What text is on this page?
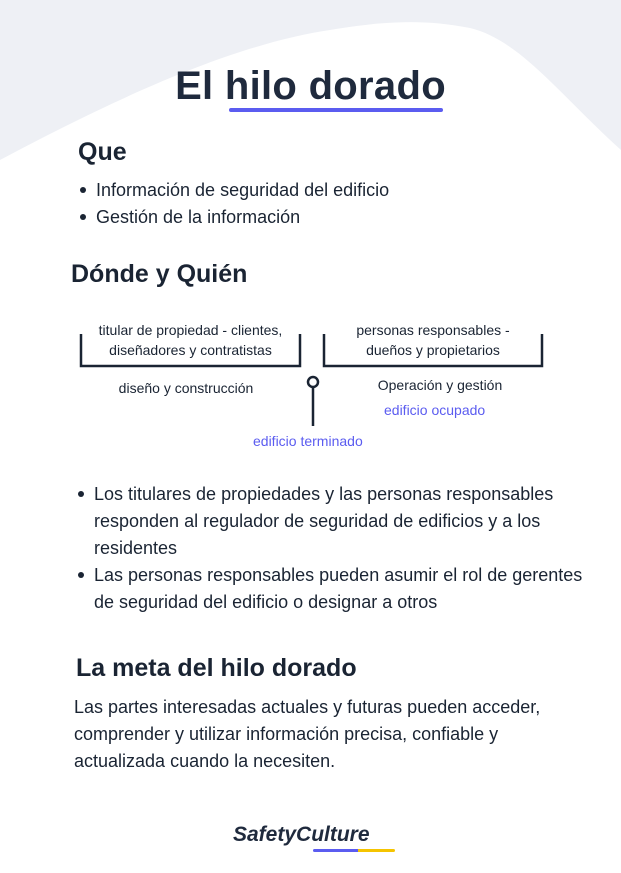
El hilo dorado
Que
Información de seguridad del edificio
Gestión de la información
Dónde y Quién
titular de propiedad - clientes,
diseñadores y contratistas
personas responsables -
dueños y propietarios
diseño y construcción	Operación y gestión
edificio ocupado
edificio terminado
Los titulares de propiedades y las personas responsables responden al regulador de seguridad de edificios y a los residentes
Las personas responsables pueden asumir el rol de gerentes de seguridad del edificio o designar a otros
La meta del hilo dorado
Las partes interesadas actuales y futuras pueden acceder, comprender y utilizar información precisa, confiable y actualizada cuando la necesiten.
SafetyCulture
